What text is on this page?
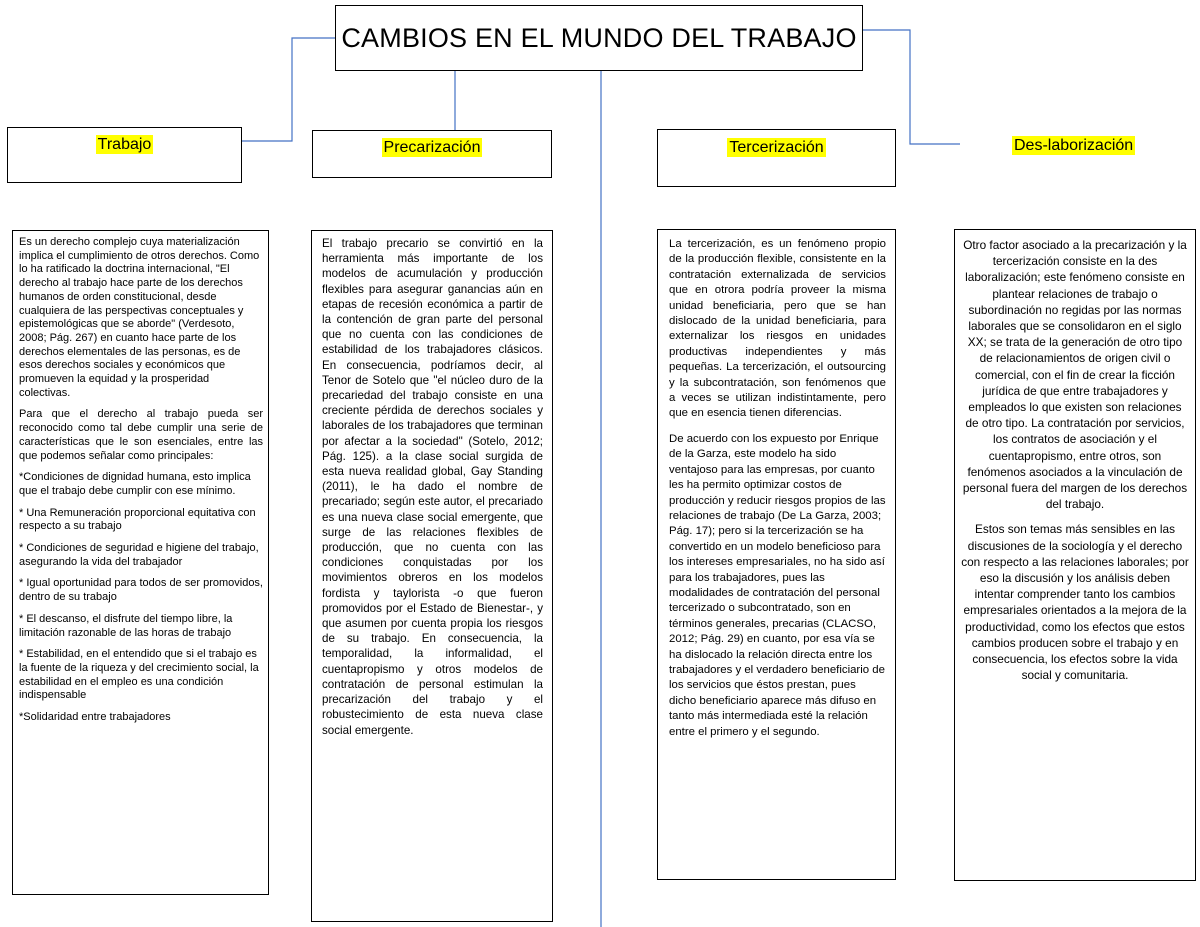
CAMBIOS EN EL MUNDO DEL TRABAJO
Trabajo	Precarización	Tercerización	Des-laborización

Es un derecho complejo cuya materialización implica el cumplimiento de otros derechos. Como lo ha ratificado la doctrina internacional, "El derecho al trabajo hace parte de los derechos humanos de orden constitucional, desde cualquiera de las perspectivas conceptuales y epistemológicas que se aborde" (Verdesoto, 2008; Pág. 267) en cuanto hace parte de los derechos elementales de las personas, es de esos derechos sociales y económicos que promueven la equidad y la prosperidad colectivas.

Para que el derecho al trabajo pueda ser reconocido como tal debe cumplir una serie de características que le son esenciales, entre las que podemos señalar como principales:

*Condiciones de dignidad humana, esto implica que el trabajo debe cumplir con ese mínimo.

* Una Remuneración proporcional equitativa con respecto a su trabajo

* Condiciones de seguridad e higiene del trabajo, asegurando la vida del trabajador

* Igual oportunidad para todos de ser promovidos, dentro de su trabajo

* El descanso, el disfrute del tiempo libre, la limitación razonable de las horas de trabajo

* Estabilidad, en el entendido que si el trabajo es la fuente de la riqueza y del crecimiento social, la estabilidad en el empleo es una condición indispensable

*Solidaridad entre trabajadores

El trabajo precario se convirtió en la herramienta más importante de los modelos de acumulación y producción flexibles para asegurar ganancias aún en etapas de recesión económica a partir de la contención de gran parte del personal que no cuenta con las condiciones de estabilidad de los trabajadores clásicos. En consecuencia, podríamos decir, al Tenor de Sotelo que "el núcleo duro de la precariedad del trabajo consiste en una creciente pérdida de derechos sociales y laborales de los trabajadores que terminan por afectar a la sociedad" (Sotelo, 2012; Pág. 125). a la clase social surgida de esta nueva realidad global, Gay Standing (2011), le ha dado el nombre de precariado; según este autor, el precariado es una nueva clase social emergente, que surge de las relaciones flexibles de producción, que no cuenta con las condiciones conquistadas por los movimientos obreros en los modelos fordista y taylorista -o que fueron promovidos por el Estado de Bienestar-, y que asumen por cuenta propia los riesgos de su trabajo. En consecuencia, la temporalidad, la informalidad, el cuentapropismo y otros modelos de contratación de personal estimulan la precarización del trabajo y el robustecimiento de esta nueva clase social emergente.

La tercerización, es un fenómeno propio de la producción flexible, consistente en la contratación externalizada de servicios que en otrora podría proveer la misma unidad beneficiaria, pero que se han dislocado de la unidad beneficiaria, para externalizar los riesgos en unidades productivas independientes y más pequeñas. La tercerización, el outsourcing y la subcontratación, son fenómenos que a veces se utilizan indistintamente, pero que en esencia tienen diferencias.

De acuerdo con los expuesto por Enrique de la Garza, este modelo ha sido ventajoso para las empresas, por cuanto les ha permito optimizar costos de producción y reducir riesgos propios de las relaciones de trabajo (De La Garza, 2003; Pág. 17); pero si la tercerización se ha convertido en un modelo beneficioso para los intereses empresariales, no ha sido así para los trabajadores, pues las modalidades de contratación del personal tercerizado o subcontratado, son en términos generales, precarias (CLACSO, 2012; Pág. 29) en cuanto, por esa vía se ha dislocado la relación directa entre los trabajadores y el verdadero beneficiario de los servicios que éstos prestan, pues dicho beneficiario aparece más difuso en tanto más intermediada esté la relación entre el primero y el segundo.

Otro factor asociado a la precarización y la tercerización consiste en la des laboralización; este fenómeno consiste en plantear relaciones de trabajo o subordinación no regidas por las normas laborales que se consolidaron en el siglo XX; se trata de la generación de otro tipo de relacionamientos de origen civil o comercial, con el fin de crear la ficción jurídica de que entre trabajadores y empleados lo que existen son relaciones de otro tipo. La contratación por servicios, los contratos de asociación y el cuentapropismo, entre otros, son fenómenos asociados a la vinculación de personal fuera del margen de los derechos del trabajo.

Estos son temas más sensibles en las discusiones de la sociología y el derecho con respecto a las relaciones laborales; por eso la discusión y los análisis deben intentar comprender tanto los cambios empresariales orientados a la mejora de la productividad, como los efectos que estos cambios producen sobre el trabajo y en consecuencia, los efectos sobre la vida social y comunitaria.
